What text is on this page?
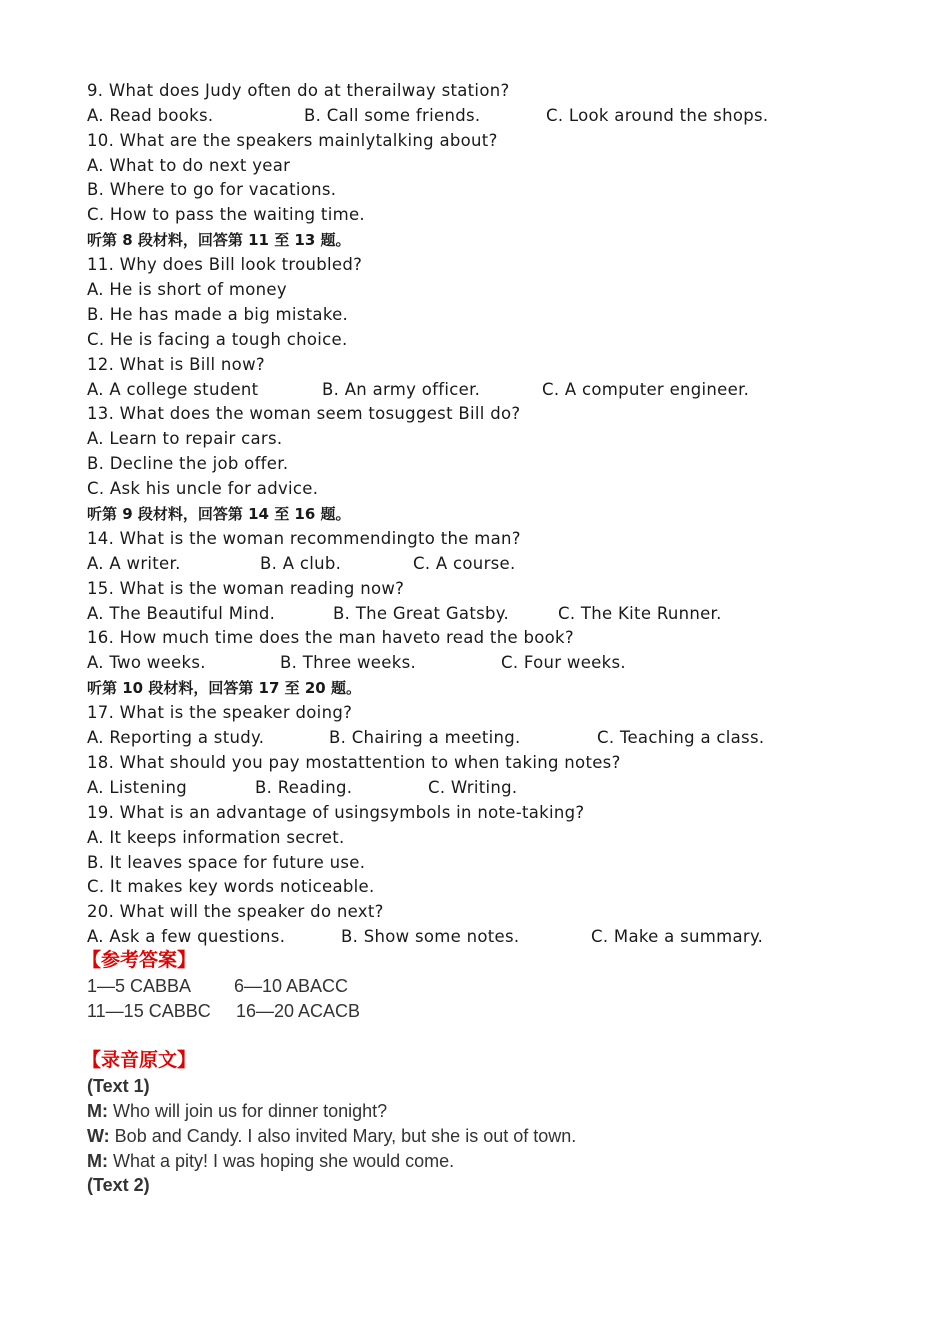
9. What does Judy often do at therailway station?
A. Read books.	B. Call some friends.	C. Look around the shops.
10. What are the speakers mainlytalking about?
A. What to do next year
B. Where to go for vacations.
C. How to pass the waiting time.
听第 8 段材料，回答第 11 至 13 题。
11. Why does Bill look troubled?
A. He is short of money
B. He has made a big mistake.
C. He is facing a tough choice.
12. What is Bill now?
A. A college student	B. An army officer.	C. A computer engineer.
13. What does the woman seem tosuggest Bill do?
A. Learn to repair cars.
B. Decline the job offer.
C. Ask his uncle for advice.
听第 9 段材料，回答第 14 至 16 题。
14. What is the woman recommendingto the man?
A. A writer.	B. A club.	C. A course.
15. What is the woman reading now?
A. The Beautiful Mind.	B. The Great Gatsby.	C. The Kite Runner.
16. How much time does the man haveto read the book?
A. Two weeks.	B. Three weeks.	C. Four weeks.
听第 10 段材料，回答第 17 至 20 题。
17. What is the speaker doing?
A. Reporting a study.	B. Chairing a meeting.	C. Teaching a class.
18. What should you pay mostattention to when taking notes?
A. Listening	B. Reading.	C. Writing.
19. What is an advantage of usingsymbols in note-taking?
A. It keeps information secret.
B. It leaves space for future use.
C. It makes key words noticeable.
20. What will the speaker do next?
A. Ask a few questions.	B. Show some notes.	C. Make a summary.
【参考答案】
1—5 CABBA 6—10 ABACC
11—15 CABBC 16—20 ACACB
【录音原文】
(Text 1)
M: Who will join us for dinner tonight?
W: Bob and Candy. I also invited Mary, but she is out of town.
M: What a pity! I was hoping she would come.
(Text 2)
